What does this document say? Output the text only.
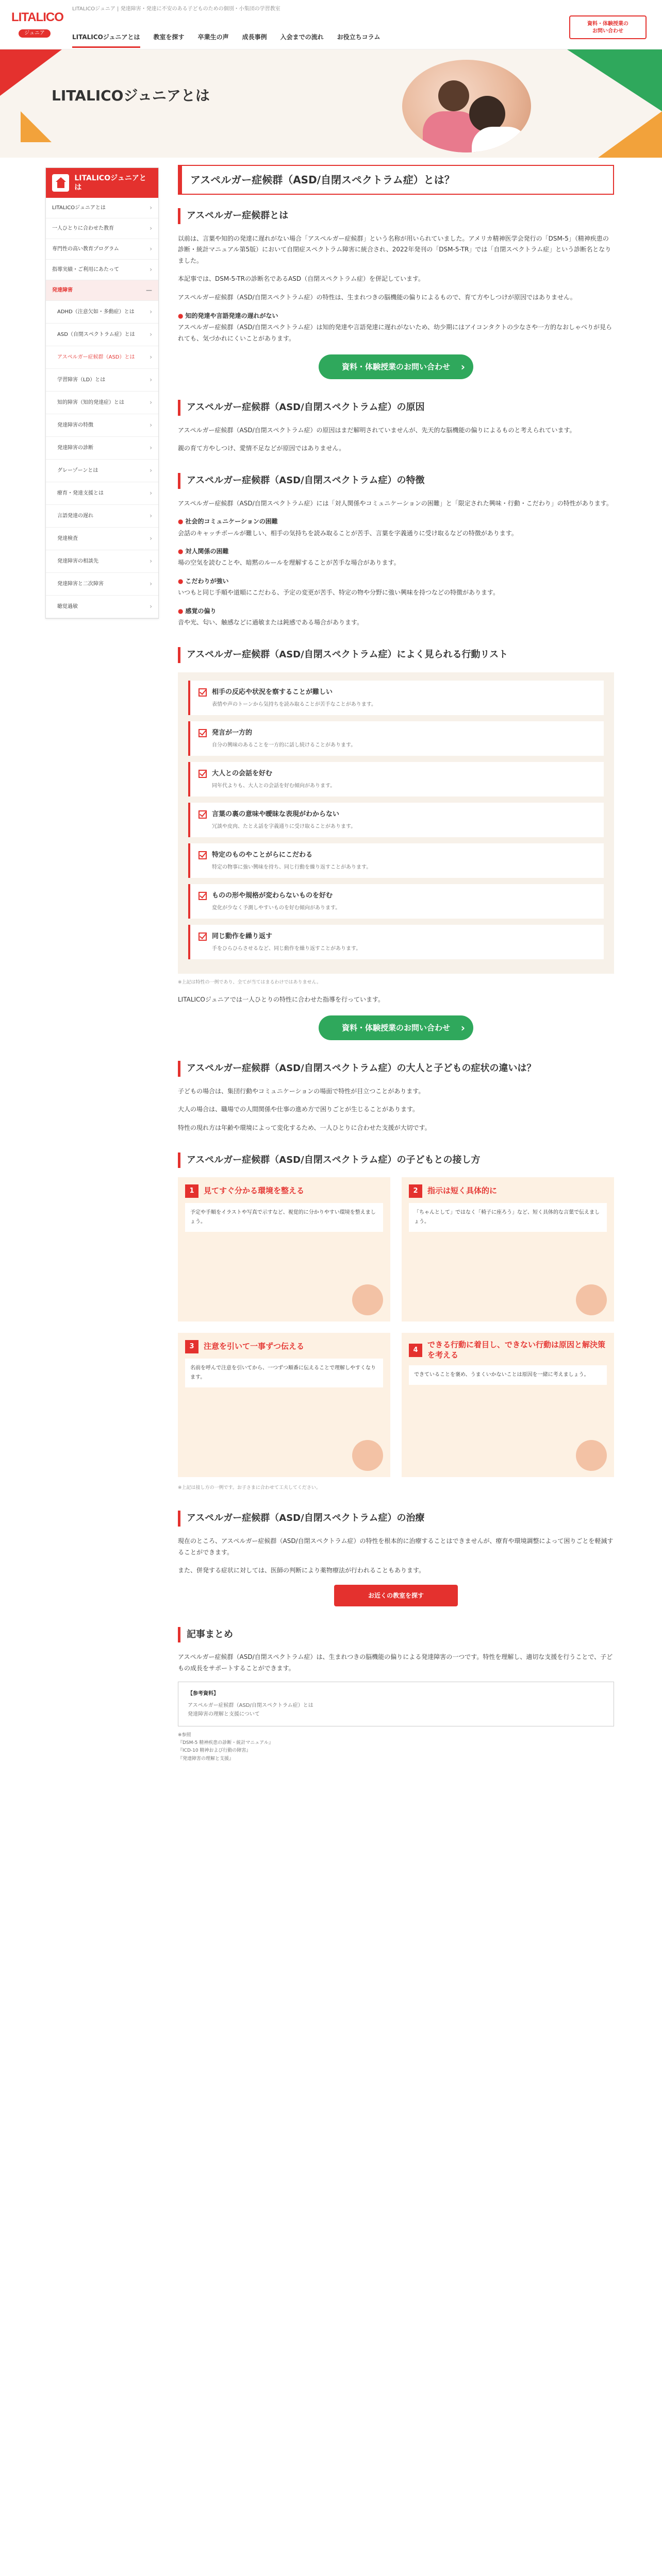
LITALICO
ジュニア
LITALICOジュニア | 発達障害・発達に不安のある子どものための個別・小集団の学習教室
LITALICOジュニアとは 教室を探す 卒業生の声 成長事例 入会までの流れ お役立ちコラム
資料・体験授業の
お問い合わせ
LITALICOジュニアとは
LITALICOジュニアとは
LITALICOジュニアとは	›
一人ひとりに合わせた教育	›
専門性の高い教育プログラム	›
指導実績・ご利用にあたって	›
発達障害	—
ADHD（注意欠如・多動症）とは ›
ASD（自閉スペクトラム症）とは ›
アスペルガー症候群（ASD）とは ›
学習障害（LD）とは	›
知的障害（知的発達症）とは	›
発達障害の特徴	›
発達障害の診断	›
グレーゾーンとは	›
療育・発達支援とは	›
言語発達の遅れ	›
発達検査	›
発達障害の相談先	›
発達障害と二次障害	›
聴覚過敏	›
アスペルガー症候群（ASD/自閉スペクトラム症）とは？
アスペルガー症候群とは

以前は、言葉や知的の発達に遅れがない場合「アスペルガー症候群」という名称が用いられていました。アメリカ精神医学会発行の「DSM-5」（精神疾患の診断・統計マニュアル第5版）において自閉症スペクトラム障害に統合され、2022年発刊の「DSM-5-TR」では「自閉スペクトラム症」という診断名となりました。

本記事では、DSM-5-TRの診断名であるASD（自閉スペクトラム症）を併記しています。

アスペルガー症候群（ASD/自閉スペクトラム症）の特性は、生まれつきの脳機能の偏りによるもので、育て方やしつけが原因ではありません。

● 知的発達や言語発達の遅れがない

アスペルガー症候群（ASD/自閉スペクトラム症）は知的発達や言語発達に遅れがないため、幼少期にはアイコンタクトの少なさや一方的なおしゃべりが見られても、気づかれにくいことがあります。

資料・体験授業のお問い合わせ ›
アスペルガー症候群（ASD/自閉スペクトラム症）の原因

アスペルガー症候群（ASD/自閉スペクトラム症）の原因はまだ解明されていませんが、先天的な脳機能の偏りによるものと考えられています。

親の育て方やしつけ、愛情不足などが原因ではありません。

アスペルガー症候群（ASD/自閉スペクトラム症）の特徴

アスペルガー症候群（ASD/自閉スペクトラム症）には「対人関係やコミュニケーションの困難」と「限定された興味・行動・こだわり」の特性があります。

● 社会的コミュニケーションの困難

会話のキャッチボールが難しい、相手の気持ちを読み取ることが苦手、言葉を字義通りに受け取るなどの特徴があります。

● 対人関係の困難

場の空気を読むことや、暗黙のルールを理解することが苦手な場合があります。

● こだわりが強い

いつもと同じ手順や道順にこだわる、予定の変更が苦手、特定の物や分野に強い興味を持つなどの特徴があります。

● 感覚の偏り

音や光、匂い、触感などに過敏または鈍感である場合があります。

アスペルガー症候群（ASD/自閉スペクトラム症）によく見られる行動リスト
相手の反応や状況を察することが難しい
表情や声のトーンから気持ちを読み取ることが苦手なことがあります。
発言が一方的
自分の興味のあることを一方的に話し続けることがあります。
大人との会話を好む
同年代よりも、大人との会話を好む傾向があります。
言葉の裏の意味や曖昧な表現がわからない
冗談や皮肉、たとえ話を字義通りに受け取ることがあります。
特定のものやことがらにこだわる
特定の物事に強い興味を持ち、同じ行動を繰り返すことがあります。
ものの形や規格が変わらないものを好む
変化が少なく予測しやすいものを好む傾向があります。
同じ動作を繰り返す
手をひらひらさせるなど、同じ動作を繰り返すことがあります。
※上記は特性の一例であり、全てが当てはまるわけではありません。

LITALICOジュニアでは一人ひとりの特性に合わせた指導を行っています。

資料・体験授業のお問い合わせ ›
アスペルガー症候群（ASD/自閉スペクトラム症）の大人と子どもの症状の違いは？

子どもの場合は、集団行動やコミュニケーションの場面で特性が目立つことがあります。

大人の場合は、職場での人間関係や仕事の進め方で困りごとが生じることがあります。

特性の現れ方は年齢や環境によって変化するため、一人ひとりに合わせた支援が大切です。

アスペルガー症候群（ASD/自閉スペクトラム症）の子どもとの接し方
1	見てすぐ分かる環境を整える
予定や手順をイラストや写真で示すなど、視覚的に分かりやすい環境を整えましょう。
2	指示は短く具体的に
「ちゃんとして」ではなく「椅子に座ろう」など、短く具体的な言葉で伝えましょう。
3	注意を引いて一事ずつ伝える
名前を呼んで注意を引いてから、一つずつ順番に伝えることで理解しやすくなります。
4
できる行動に着目し、できない行動は原因と解決策を考える
できていることを褒め、うまくいかないことは原因を一緒に考えましょう。
※上記は接し方の一例です。お子さまに合わせて工夫してください。
アスペルガー症候群（ASD/自閉スペクトラム症）の治療

現在のところ、アスペルガー症候群（ASD/自閉スペクトラム症）の特性を根本的に治療することはできませんが、療育や環境調整によって困りごとを軽減することができます。

また、併発する症状に対しては、医師の判断により薬物療法が行われることもあります。

お近くの教室を探す
記事まとめ

アスペルガー症候群（ASD/自閉スペクトラム症）は、生まれつきの脳機能の偏りによる発達障害の一つです。特性を理解し、適切な支援を行うことで、子どもの成長をサポートすることができます。

【参考資料】
アスペルガー症候群（ASD/自閉スペクトラム症）とは
発達障害の理解と支援について
※参照
『DSM-5 精神疾患の診断・統計マニュアル』
『ICD-10 精神および行動の障害』
『発達障害の理解と支援』
